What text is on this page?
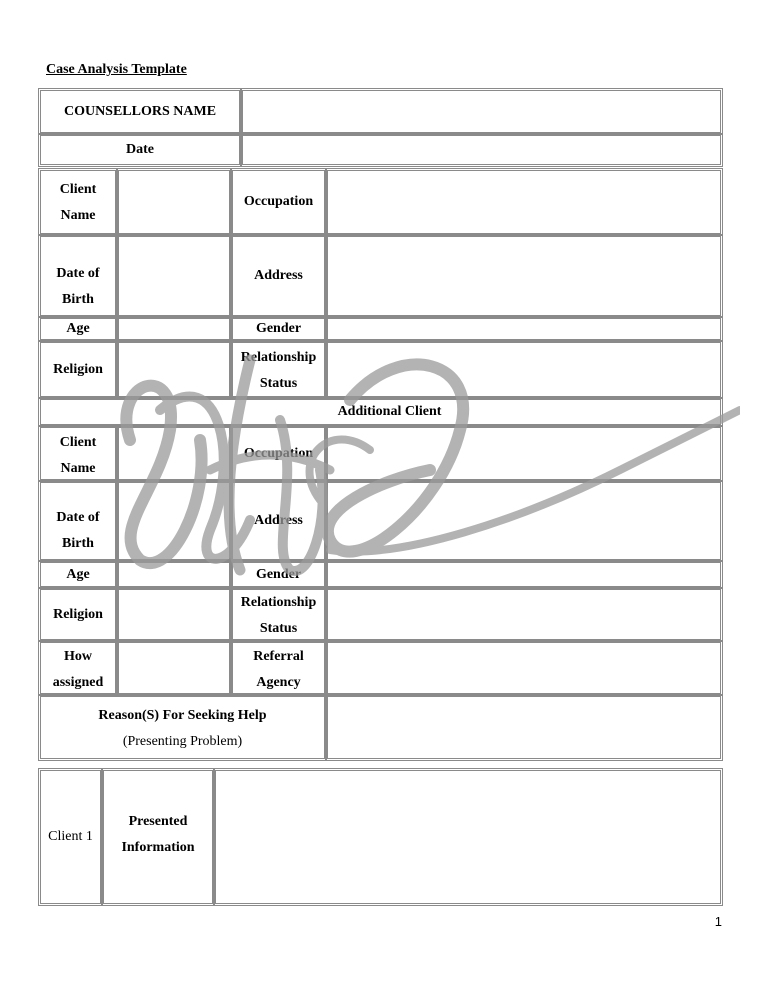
Case Analysis Template
COUNSELLORS NAME
Date
Client
Name
Occupation
Date of
Birth
Address
Age	Gender
Religion
Relationship
Status
Additional Client
Client
Name
Occupation
Date of
Birth
Address
Age	Gender
Religion
Relationship
Status
How
assigned
Referral
Agency
Reason(S) For Seeking Help
(Presenting Problem)
Client 1
Presented
Information
1
